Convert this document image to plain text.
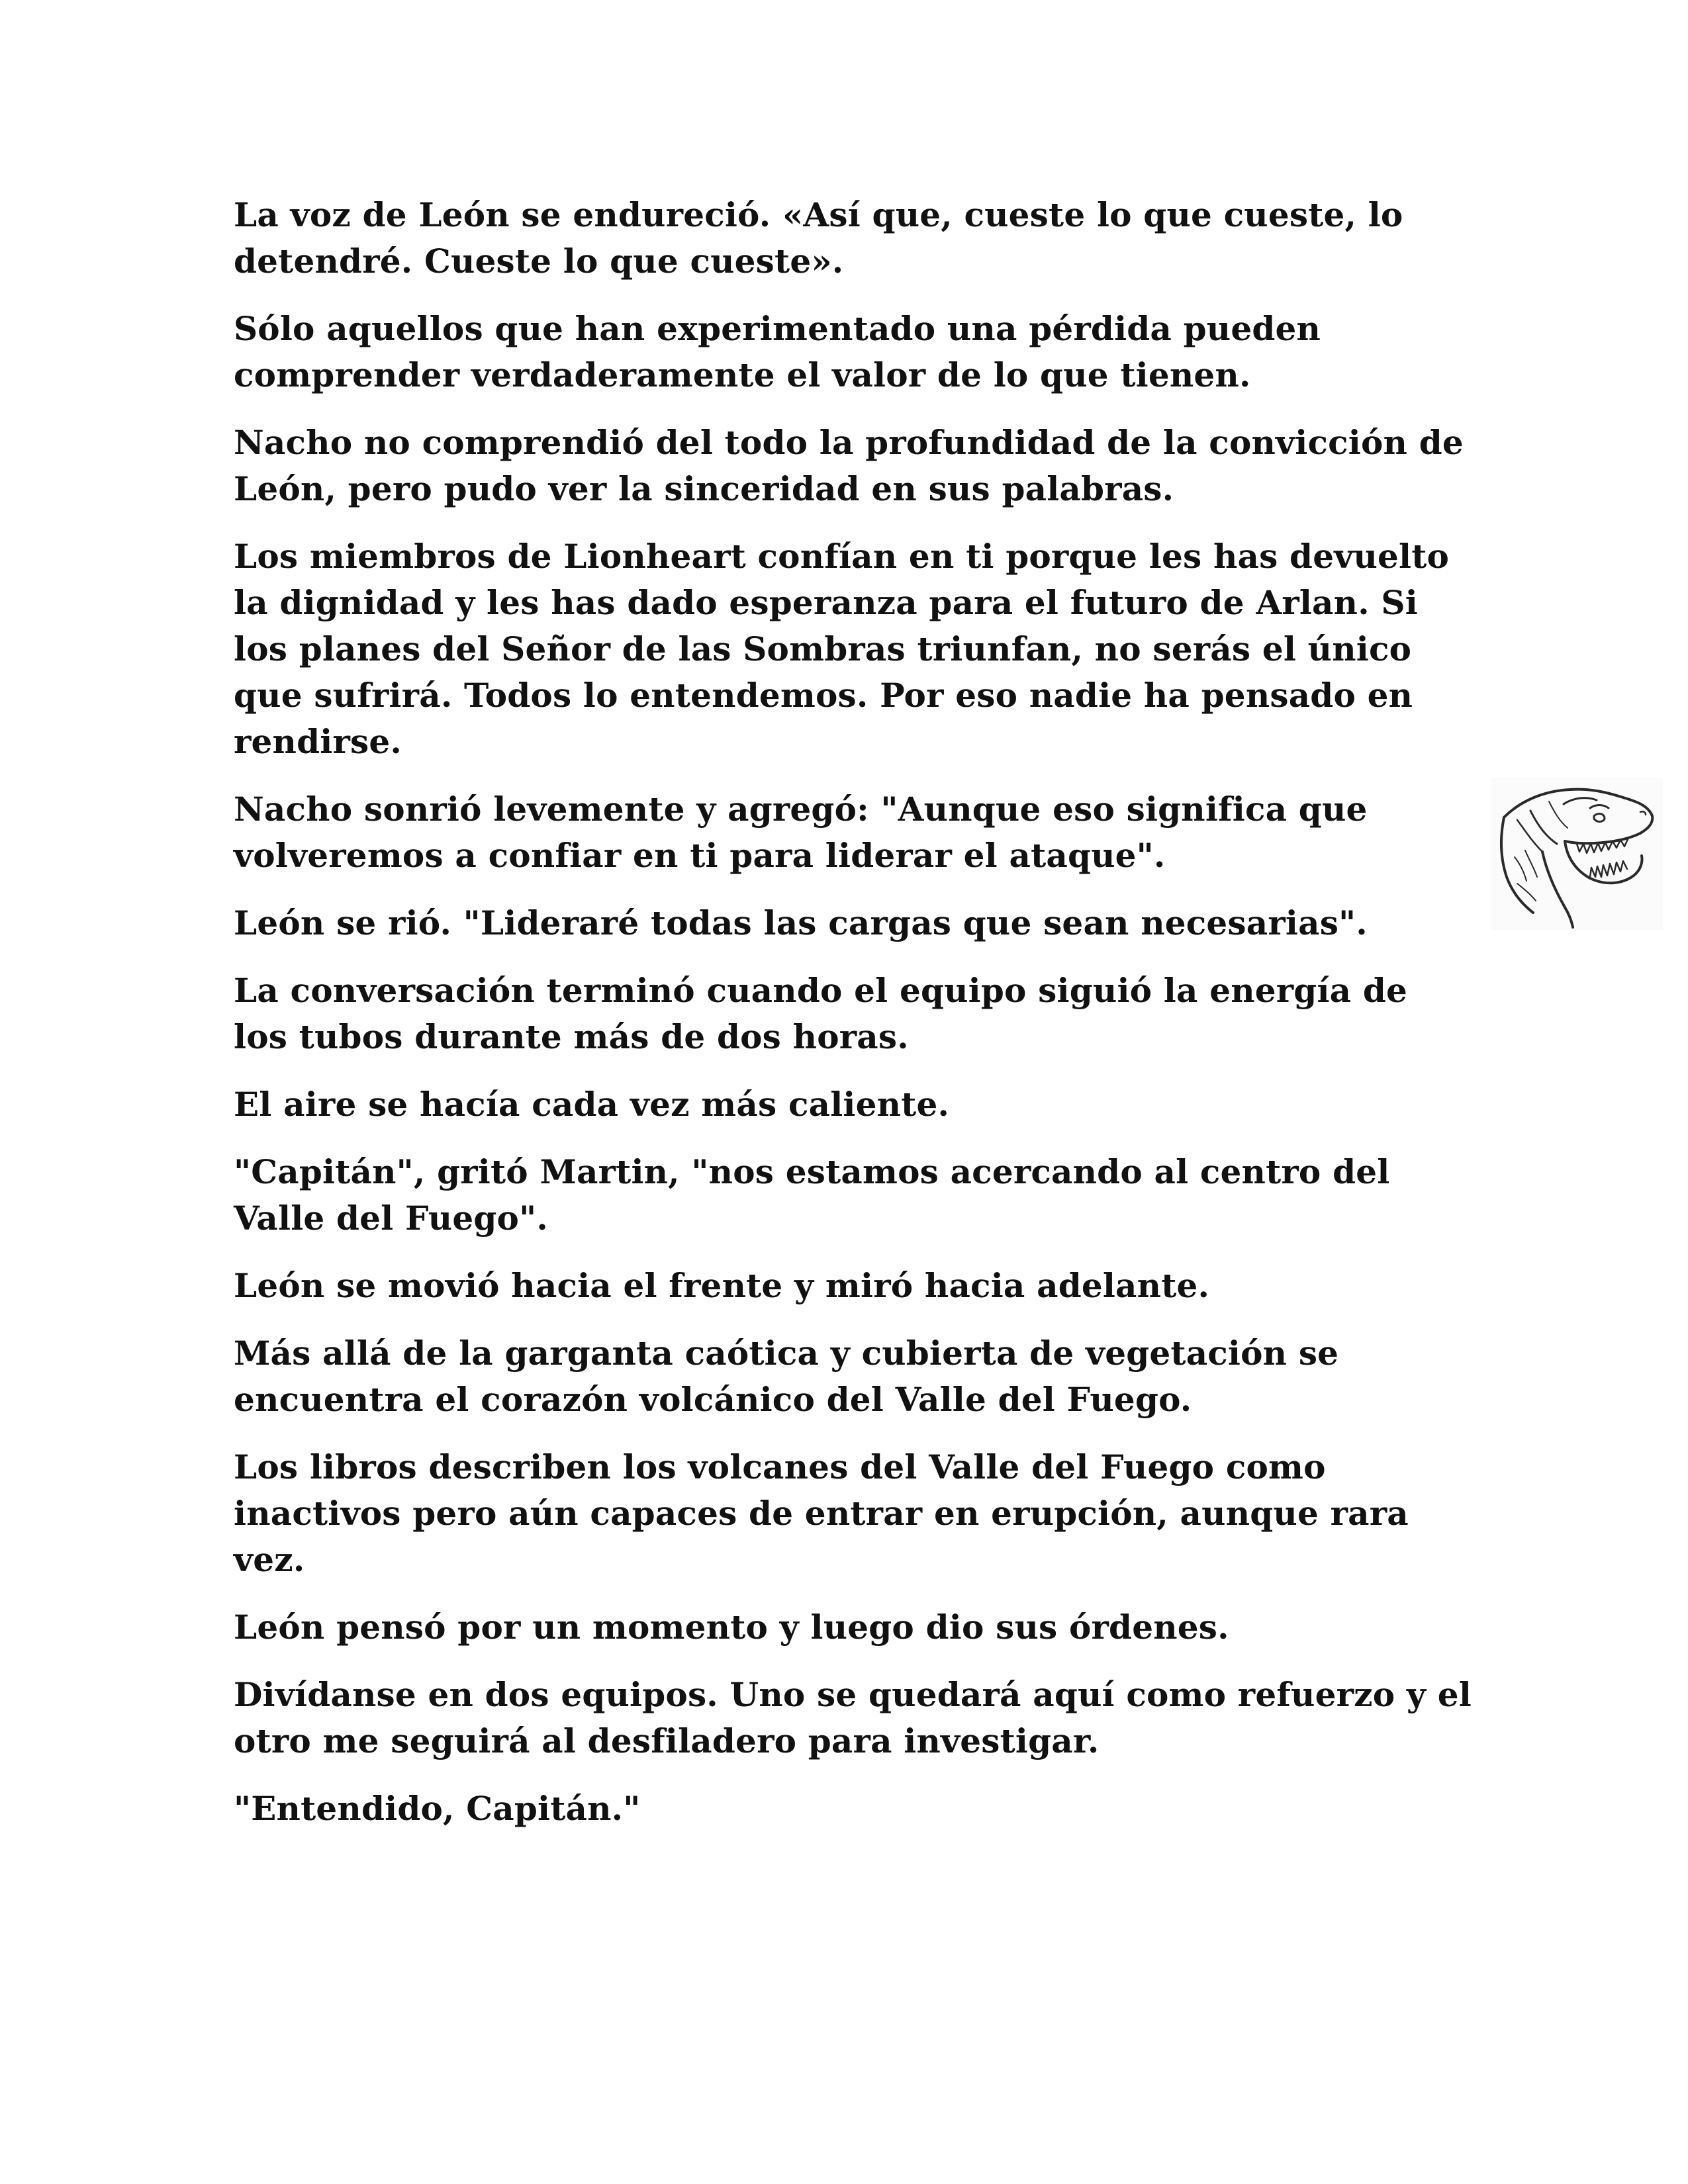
La voz de León se endureció. «Así que, cueste lo que cueste, lo detendré. Cueste lo que cueste».

Sólo aquellos que han experimentado una pérdida pueden comprender verdaderamente el valor de lo que tienen.

Nacho no comprendió del todo la profundidad de la convicción de León, pero pudo ver la sinceridad en sus palabras.

Los miembros de Lionheart confían en ti porque les has devuelto la dignidad y les has dado esperanza para el futuro de Arlan. Si los planes del Señor de las Sombras triunfan, no serás el único que sufrirá. Todos lo entendemos. Por eso nadie ha pensado en rendirse.

Nacho sonrió levemente y agregó: "Aunque eso significa que volveremos a confiar en ti para liderar el ataque".

León se rió. "Lideraré todas las cargas que sean necesarias".

La conversación terminó cuando el equipo siguió la energía de los tubos durante más de dos horas.

El aire se hacía cada vez más caliente.

"Capitán", gritó Martin, "nos estamos acercando al centro del Valle del Fuego".

León se movió hacia el frente y miró hacia adelante.

Más allá de la garganta caótica y cubierta de vegetación se encuentra el corazón volcánico del Valle del Fuego.

Los libros describen los volcanes del Valle del Fuego como inactivos pero aún capaces de entrar en erupción, aunque rara vez.

León pensó por un momento y luego dio sus órdenes.

Divídanse en dos equipos. Uno se quedará aquí como refuerzo y el otro me seguirá al desfiladero para investigar.

"Entendido, Capitán."
